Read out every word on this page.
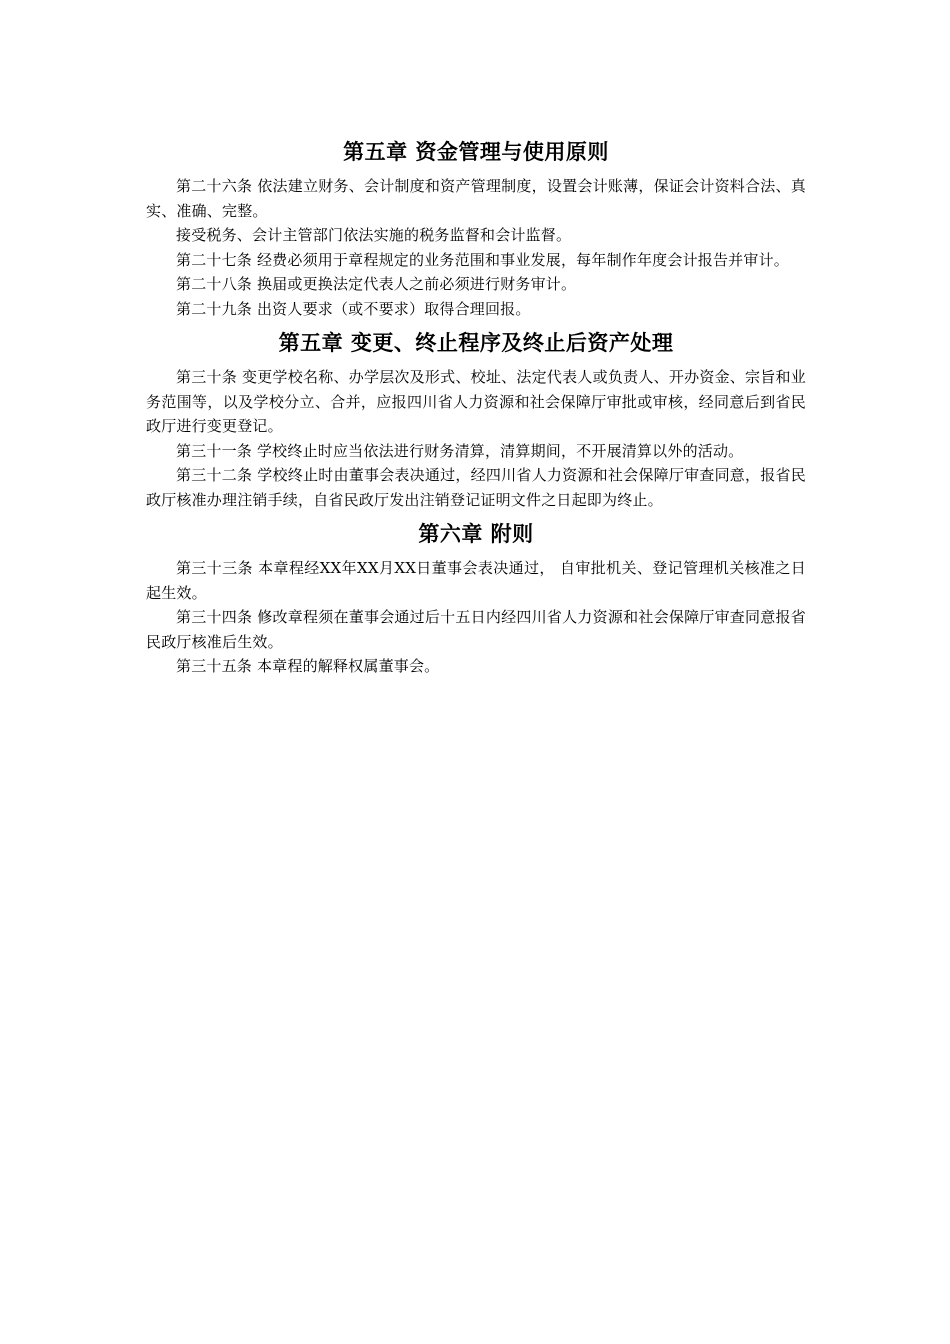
第五章 资金管理与使用原则

第二十六条 依法建立财务、会计制度和资产管理制度，设置会计账薄，保证会计资料合法、真实、准确、完整。

接受税务、会计主管部门依法实施的税务监督和会计监督。

第二十七条 经费必须用于章程规定的业务范围和事业发展，每年制作年度会计报告并审计。

第二十八条 换届或更换法定代表人之前必须进行财务审计。

第二十九条 出资人要求（或不要求）取得合理回报。

第五章 变更、终止程序及终止后资产处理

第三十条 变更学校名称、办学层次及形式、校址、法定代表人或负责人、开办资金、宗旨和业务范围等，以及学校分立、合并，应报四川省人力资源和社会保障厅审批或审核，经同意后到省民政厅进行变更登记。

第三十一条 学校终止时应当依法进行财务清算，清算期间，不开展清算以外的活动。

第三十二条 学校终止时由董事会表决通过，经四川省人力资源和社会保障厅审查同意，报省民政厅核准办理注销手续，自省民政厅发出注销登记证明文件之日起即为终止。

第六章 附则

第三十三条 本章程经XX年XX月XX日董事会表决通过， 自审批机关、登记管理机关核准之日起生效。

第三十四条 修改章程须在董事会通过后十五日内经四川省人力资源和社会保障厅审查同意报省民政厅核准后生效。

第三十五条 本章程的解释权属董事会。
